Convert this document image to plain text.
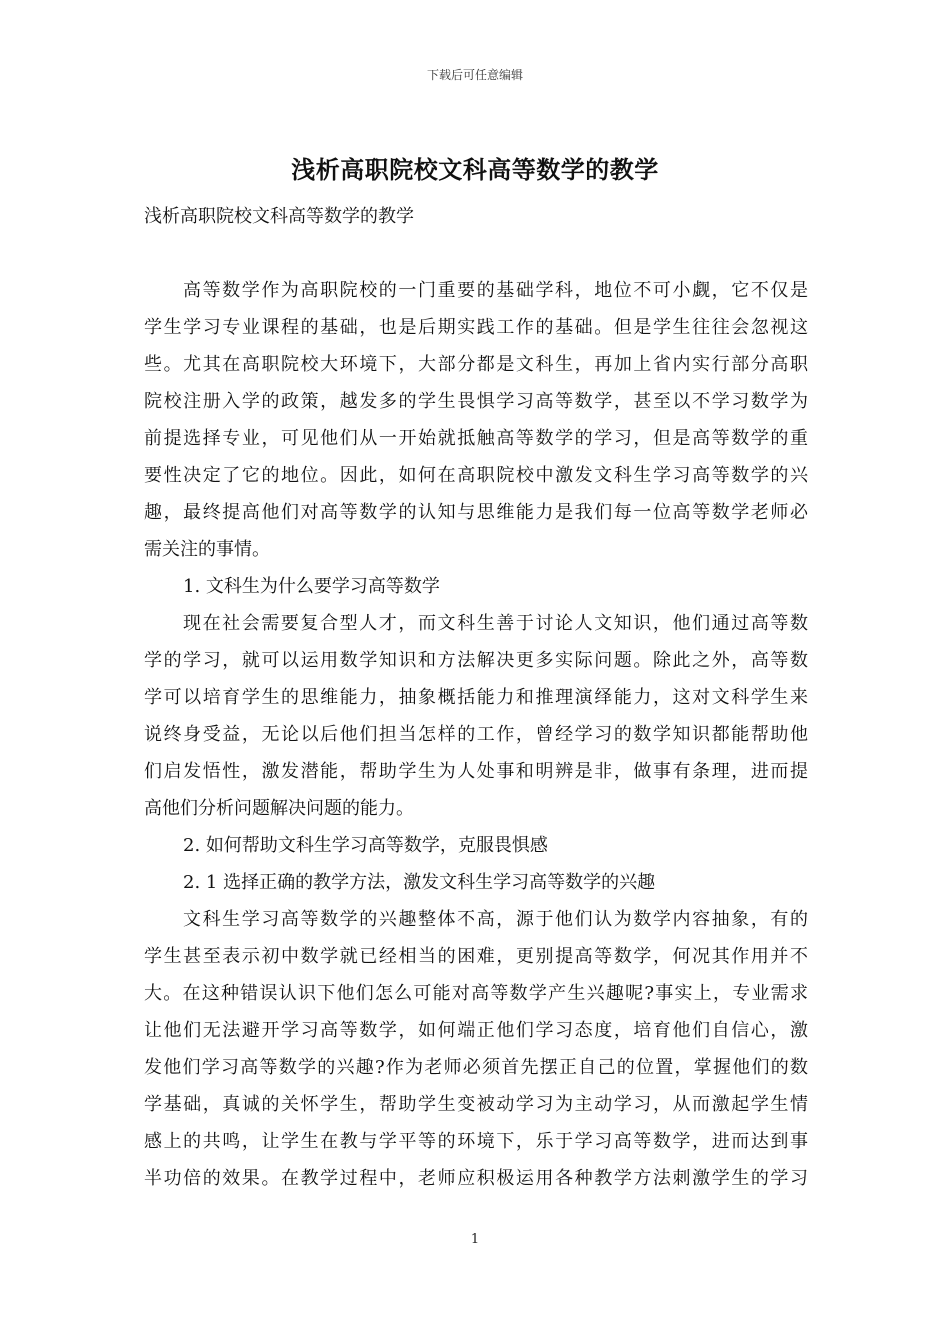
下载后可任意编辑
浅析高职院校文科高等数学的教学
浅析高职院校文科高等数学的教学
高等数学作为高职院校的一门重要的基础学科，地位不可小觑，它不仅是
学生学习专业课程的基础，也是后期实践工作的基础。但是学生往往会忽视这
些。尤其在高职院校大环境下，大部分都是文科生，再加上省内实行部分高职
院校注册入学的政策，越发多的学生畏惧学习高等数学，甚至以不学习数学为
前提选择专业，可见他们从一开始就抵触高等数学的学习，但是高等数学的重
要性决定了它的地位。因此，如何在高职院校中激发文科生学习高等数学的兴
趣，最终提高他们对高等数学的认知与思维能力是我们每一位高等数学老师必
需关注的事情。
1. 文科生为什么要学习高等数学
现在社会需要复合型人才，而文科生善于讨论人文知识，他们通过高等数
学的学习，就可以运用数学知识和方法解决更多实际问题。除此之外，高等数
学可以培育学生的思维能力，抽象概括能力和推理演绎能力，这对文科学生来
说终身受益，无论以后他们担当怎样的工作，曾经学习的数学知识都能帮助他
们启发悟性，激发潜能，帮助学生为人处事和明辨是非，做事有条理，进而提
高他们分析问题解决问题的能力。
2. 如何帮助文科生学习高等数学，克服畏惧感
2. 1 选择正确的教学方法，激发文科生学习高等数学的兴趣
文科生学习高等数学的兴趣整体不高，源于他们认为数学内容抽象，有的
学生甚至表示初中数学就已经相当的困难，更别提高等数学，何况其作用并不
大。在这种错误认识下他们怎么可能对高等数学产生兴趣呢?事实上，专业需求
让他们无法避开学习高等数学，如何端正他们学习态度，培育他们自信心，激
发他们学习高等数学的兴趣?作为老师必须首先摆正自己的位置，掌握他们的数
学基础，真诚的关怀学生，帮助学生变被动学习为主动学习，从而激起学生情
感上的共鸣，让学生在教与学平等的环境下，乐于学习高等数学，进而达到事
半功倍的效果。在教学过程中，老师应积极运用各种教学方法刺激学生的学习
1
